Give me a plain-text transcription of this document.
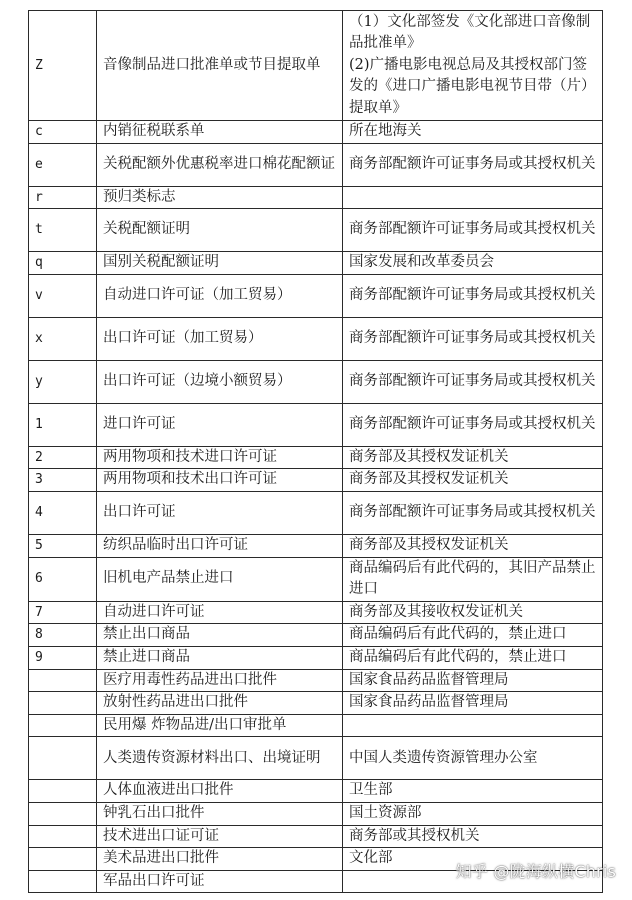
Z	音像制品进口批准单或节目提取单	（1）文化部签发《文化部进口音像制品批准单》
(2)广播电影电视总局及其授权部门签发的《进口广播电影电视节目带（片）提取单》

c	内销征税联系单	所在地海关

e	关税配额外优惠税率进口棉花配额证	商务部配额许可证事务局或其授权机关

r	预归类标志	

t	关税配额证明	商务部配额许可证事务局或其授权机关

q	国别关税配额证明	国家发展和改革委员会

v	自动进口许可证（加工贸易）	商务部配额许可证事务局或其授权机关

x	出口许可证（加工贸易）	商务部配额许可证事务局或其授权机关

y	出口许可证（边境小额贸易）	商务部配额许可证事务局或其授权机关

1	进口许可证	商务部配额许可证事务局或其授权机关

2	两用物项和技术进口许可证	商务部及其授权发证机关

3	两用物项和技术出口许可证	商务部及其授权发证机关

4	出口许可证	商务部配额许可证事务局或其授权机关

5	纺织品临时出口许可证	商务部及其授权发证机关

6	旧机电产品禁止进口	商品编码后有此代码的，其旧产品禁止进口

7	自动进口许可证	商务部及其接收权发证机关

8	禁止出口商品	商品编码后有此代码的，禁止进口

9	禁止进口商品	商品编码后有此代码的，禁止进口

	医疗用毒性药品进出口批件	国家食品药品监督管理局

	放射性药品进出口批件	国家食品药品监督管理局

	民用爆 炸物品进/出口审批单	

	人类遗传资源材料出口、出境证明	中国人类遗传资源管理办公室

	人体血液进出口批件	卫生部

	钟乳石出口批件	国土资源部

	技术进出口证可证	商务部或其授权机关

	美术品进出口批件	文化部

	军品出口许可证		知乎 @陇海纵横Chris
